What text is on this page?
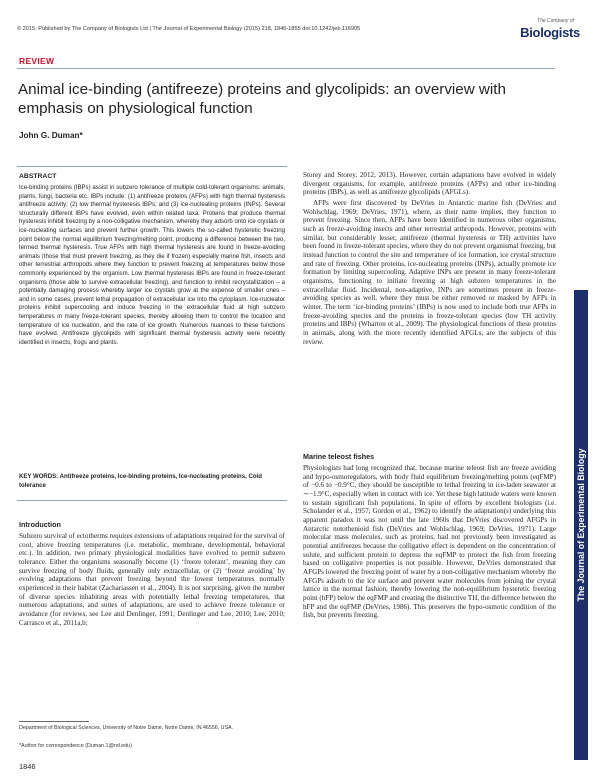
© 2015. Published by The Company of Biologists Ltd | The Journal of Experimental Biology (2015) 218, 1846-1855 doi:10.1242/jeb.116905
The Company of
Biologists
REVIEW
Animal ice-binding (antifreeze) proteins and glycolipids: an overview with emphasis on physiological function
John G. Duman*
ABSTRACT
Ice-binding proteins (IBPs) assist in subzero tolerance of multiple cold-tolerant organisms: animals, plants, fungi, bacteria etc. IBPs include: (1) antifreeze proteins (AFPs) with high thermal hysteresis antifreeze activity; (2) low thermal hysteresis IBPs; and (3) ice-nucleating proteins (INPs). Several structurally different IBPs have evolved, even within related taxa. Proteins that produce thermal hysteresis inhibit freezing by a non-colligative mechanism, whereby they adsorb onto ice crystals or ice-nucleating surfaces and prevent further growth. This lowers the so-called hysteretic freezing point below the normal equilibrium freezing/melting point, producing a difference between the two, termed thermal hysteresis. True AFPs with high thermal hysteresis are found in freeze-avoiding animals (those that must prevent freezing, as they die if frozen) especially marine fish, insects and other terrestrial arthropods where they function to prevent freezing at temperatures below those commonly experienced by the organism. Low thermal hysteresis IBPs are found in freeze-tolerant organisms (those able to survive extracellular freezing), and function to inhibit recrystallization – a potentially damaging process whereby larger ice crystals grow at the expense of smaller ones – and in some cases, prevent lethal propagation of extracellular ice into the cytoplasm. Ice-nucleator proteins inhibit supercooling and induce freezing in the extracellular fluid at high subzero temperatures in many freeze-tolerant species, thereby allowing them to control the location and temperature of ice nucleation, and the rate of ice growth. Numerous nuances to these functions have evolved. Antifreeze glycolipids with significant thermal hysteresis activity were recently identified in insects, frogs and plants.
KEY WORDS: Antifreeze proteins, Ice-binding proteins, Ice-nucleating proteins, Cold tolerance
Introduction
Subzero survival of ectotherms requires extensions of adaptations required for the survival of cool, above freezing temperatures (i.e. metabolic, membrane, developmental, behavioral etc.). In addition, two primary physiological modalities have evolved to permit subzero tolerance. Either the organisms seasonally become (1) ‘freeze tolerant’, meaning they can survive freezing of body fluids, generally only extracellular, or (2) ‘freeze avoiding’ by evolving adaptations that prevent freezing beyond the lowest temperatures normally experienced in their habitat (Zachariassen et al., 2004). It is not surprising, given the number of diverse species inhabiting areas with potentially lethal freezing temperatures, that numerous adaptations, and suites of adaptations, are used to achieve freeze tolerance or avoidance (for reviews, see Lee and Denlinger, 1991; Denlinger and Lee, 2010; Lee, 2010; Carrasco et al., 2011a,b;
Storey and Storey, 2012, 2013). However, certain adaptations have evolved in widely divergent organisms, for example, antifreeze proteins (AFPs) and other ice-binding proteins (IBPs), as well as antifreeze glycolipids (AFGLs).
AFPs were first discovered by DeVries in Antarctic marine fish (DeVries and Wohlschlag, 1969; DeVries, 1971), where, as their name implies, they function to prevent freezing. Since then, AFPs have been identified in numerous other organisms, such as freeze-avoiding insects and other terrestrial arthropods. However, proteins with similar, but considerably lesser, antifreeze (thermal hysteresis or TH) activities have been found in freeze-tolerant species, where they do not prevent organismal freezing, but instead function to control the site and temperature of ice formation, ice crystal structure and rate of freezing. Other proteins, ice-nucleating proteins (INPs), actually promote ice formation by limiting supercooling. Adaptive INPs are present in many freeze-tolerant organisms, functioning to initiate freezing at high subzero temperatures in the extracellular fluid. Incidental, non-adaptive, INPs are sometimes present in freeze-avoiding species as well, where they must be either removed or masked by AFPs in winter. The term ‘ice-binding proteins’ (IBPs) is now used to include both true AFPs in freeze-avoiding species and the proteins in freeze-tolerant species (low TH activity proteins and IBPs) (Wharton et al., 2009). The physiological functions of these proteins in animals, along with the more recently identified AFGLs, are the subjects of this review.
Marine teleost fishes
Physiologists had long recognized that, because marine teleost fish are freeze avoiding and hypo-osmoregulators, with body fluid equilibrium freezing/melting points (eqFMP) of −0.6 to −0.9°C, they should be susceptible to lethal freezing in ice-laden seawater at ∼−1.9°C, especially when in contact with ice. Yet these high latitude waters were known to sustain significant fish populations. In spite of efforts by excellent biologists (i.e. Scholander et al., 1957; Gordon et al., 1962) to identify the adaptation(s) underlying this apparent paradox it was not until the late 1960s that DeVries discovered AFGPs in Antarctic notothenioid fish (DeVries and Wohlschlag, 1969; DeVries, 1971). Large molecular mass molecules, such as proteins, had not previously been investigated as potential antifreezes because the colligative effect is dependent on the concentration of solute, and sufficient protein to depress the eqFMP to protect the fish from freezing based on colligative properties is not possible. However, DeVries demonstrated that AFGPs lowered the freezing point of water by a non-colligative mechanism whereby the AFGPs adsorb to the ice surface and prevent water molecules from joining the crystal lattice in the normal fashion, thereby lowering the non-equilibrium hysteretic freezing point (hFP) below the eqFMP and creating the distinctive TH, the difference between the hFP and the eqFMP (DeVries, 1986). This preserves the hypo-osmotic condition of the fish, but prevents freezing.
Department of Biological Sciences, University of Notre Dame, Notre Dame, IN 46556, USA.
*Author for correspondence (Duman.1@nd.edu)
1846
The Journal of Experimental Biology
